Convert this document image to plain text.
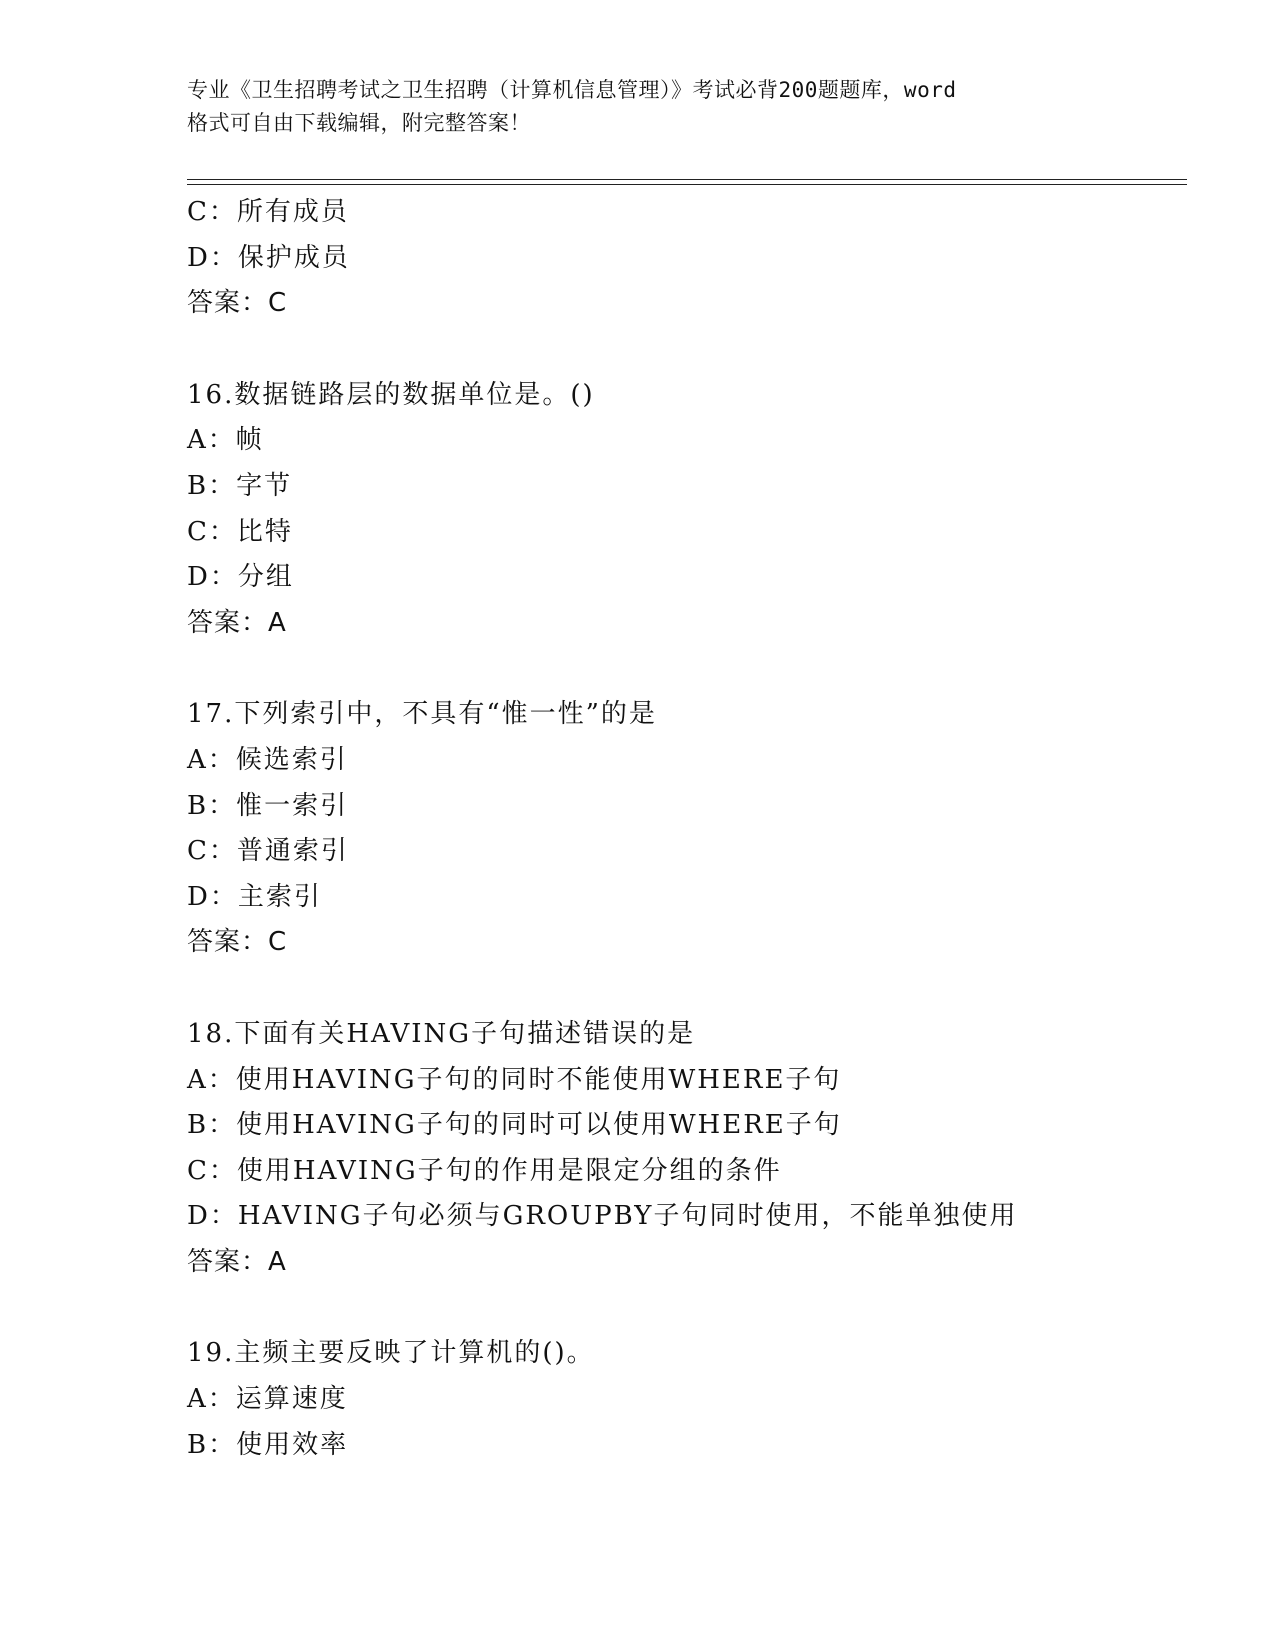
专业《卫生招聘考试之卫生招聘（计算机信息管理）》考试必背200题题库，word
格式可自由下载编辑，附完整答案！
C：所有成员
D：保护成员
答案：C
16.数据链路层的数据单位是。()
A：帧
B：字节
C：比特
D：分组
答案：A
17.下列索引中，不具有“惟一性”的是
A：候选索引
B：惟一索引
C：普通索引
D：主索引
答案：C
18.下面有关HAVING子句描述错误的是
A：使用HAVING子句的同时不能使用WHERE子句
B：使用HAVING子句的同时可以使用WHERE子句
C：使用HAVING子句的作用是限定分组的条件
D：HAVING子句必须与GROUPBY子句同时使用，不能单独使用
答案：A
19.主频主要反映了计算机的()。
A：运算速度
B：使用效率
